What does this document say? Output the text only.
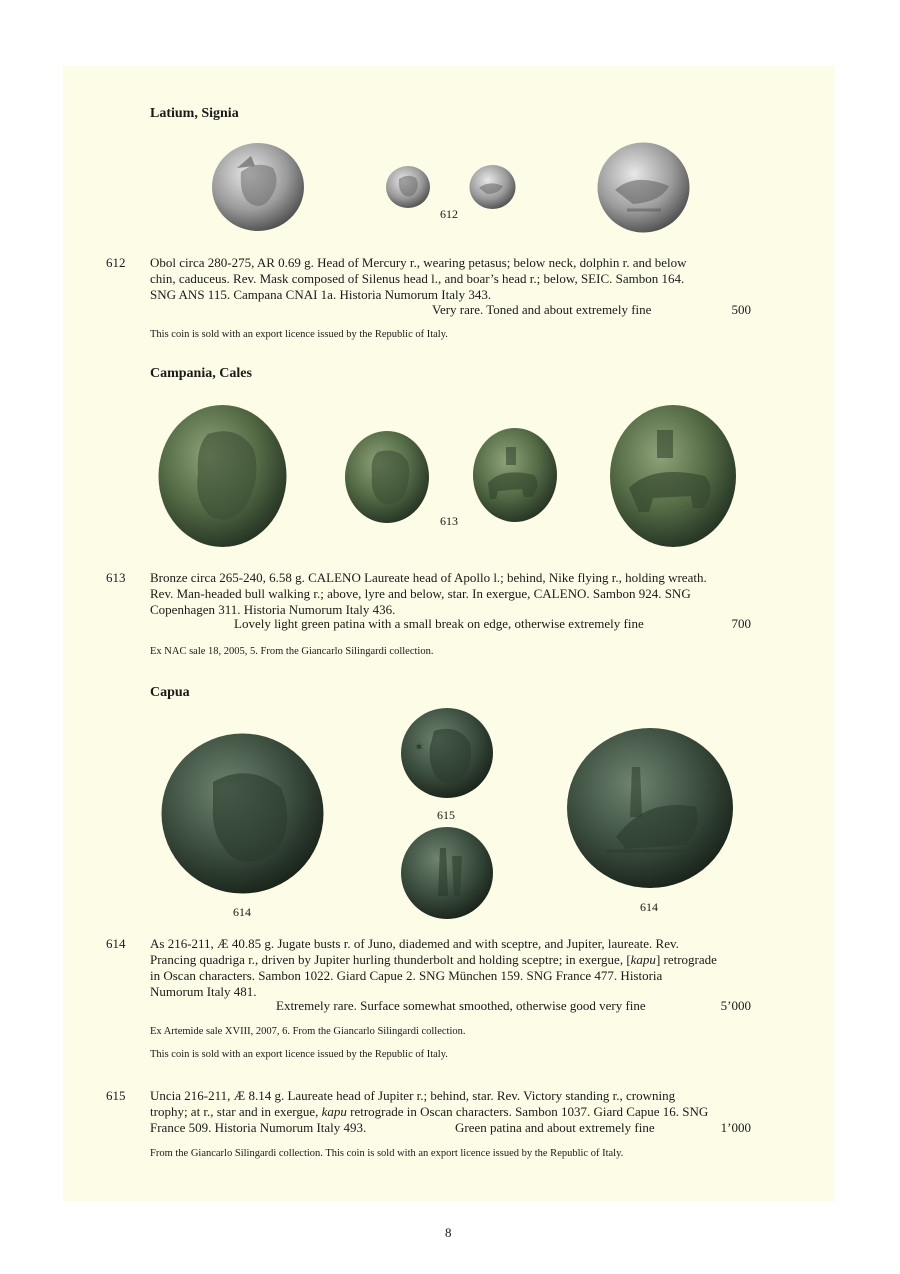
Latium, Signia
612
612 Obol circa 280-275, AR 0.69 g. Head of Mercury r., wearing petasus; below neck, dolphin r. and below
chin, caduceus. Rev. Mask composed of Silenus head l., and boar’s head r.; below, SEIC. Sambon 164.
SNG ANS 115. Campana CNAI 1a. Historia Numorum Italy 343.
Very rare. Toned and about extremely fine	500
This coin is sold with an export licence issued by the Republic of Italy.
Campania, Cales
613
613 Bronze circa 265-240, 6.58 g. CALENO Laureate head of Apollo l.; behind, Nike flying r., holding wreath.
Rev. Man-headed bull walking r.; above, lyre and below, star. In exergue, CALENO. Sambon 924. SNG
Copenhagen 311. Historia Numorum Italy 436.
Lovely light green patina with a small break on edge, otherwise extremely fine	700
Ex NAC sale 18, 2005, 5. From the Giancarlo Silingardi collection.
Capua
✶
615
614	614
614 As 216-211, Æ 40.85 g. Jugate busts r. of Juno, diademed and with sceptre, and Jupiter, laureate. Rev.
Prancing quadriga r., driven by Jupiter hurling thunderbolt and holding sceptre; in exergue, [kapu] retrograde
in Oscan characters. Sambon 1022. Giard Capue 2. SNG München 159. SNG France 477. Historia
Numorum Italy 481.
Extremely rare. Surface somewhat smoothed, otherwise good very fine	5’000
Ex Artemide sale XVIII, 2007, 6. From the Giancarlo Silingardi collection.
This coin is sold with an export licence issued by the Republic of Italy.
615 Uncia 216-211, Æ 8.14 g. Laureate head of Jupiter r.; behind, star. Rev. Victory standing r., crowning
trophy; at r., star and in exergue, kapu retrograde in Oscan characters. Sambon 1037. Giard Capue 16. SNG
France 509. Historia Numorum Italy 493.	Green patina and about extremely fine	1’000
From the Giancarlo Silingardi collection. This coin is sold with an export licence issued by the Republic of Italy.
8
